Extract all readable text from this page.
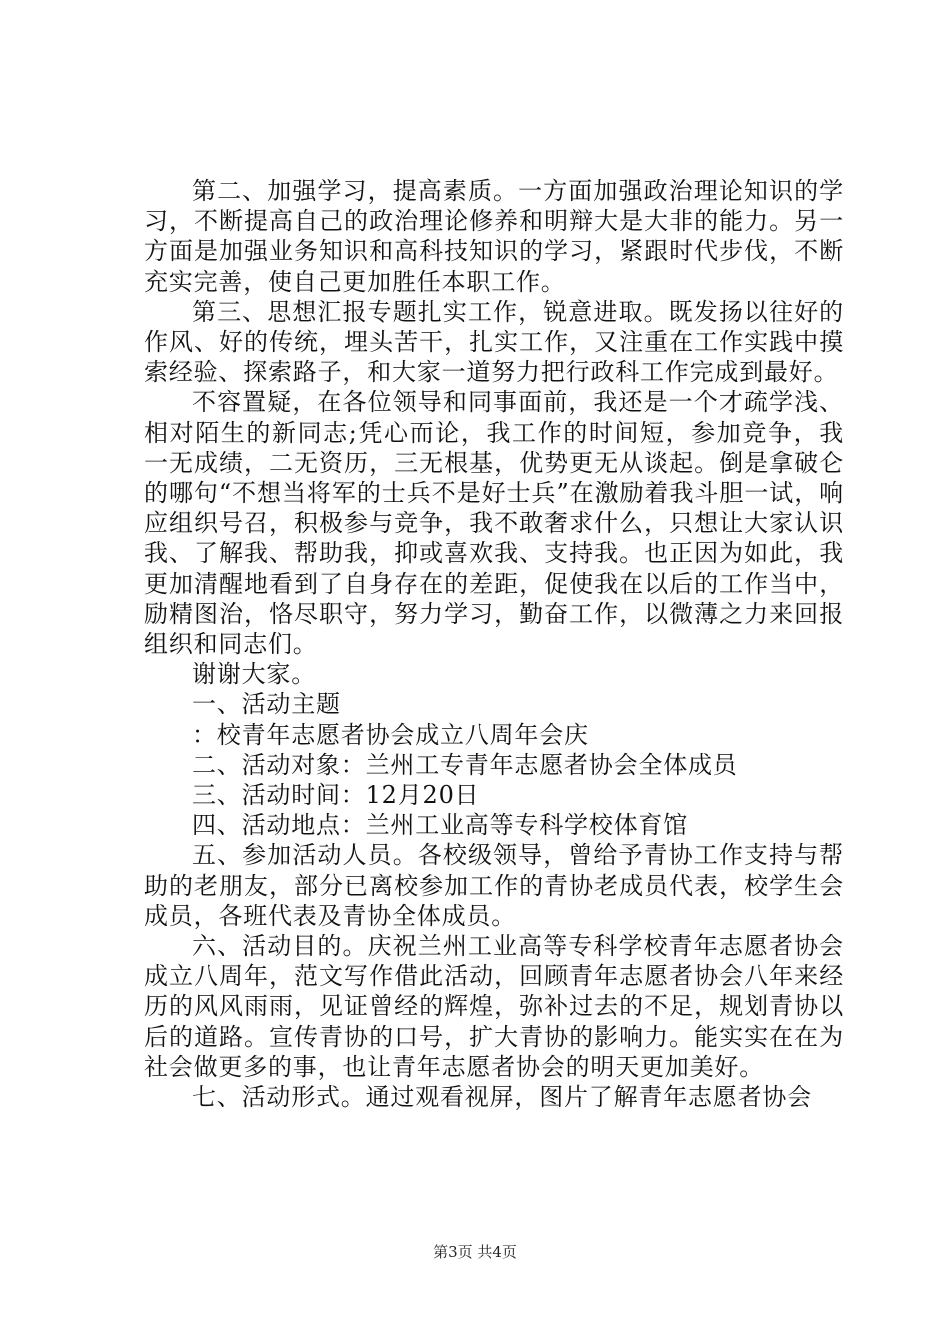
第二、加强学习，提高素质。一方面加强政治理论知识的学习，不断提高自己的政治理论修养和明辩大是大非的能力。另一方面是加强业务知识和高科技知识的学习，紧跟时代步伐，不断充实完善，使自己更加胜任本职工作。

第三、思想汇报专题扎实工作，锐意进取。既发扬以往好的作风、好的传统，埋头苦干，扎实工作，又注重在工作实践中摸索经验、探索路子，和大家一道努力把行政科工作完成到最好。

不容置疑，在各位领导和同事面前，我还是一个才疏学浅、相对陌生的新同志;凭心而论，我工作的时间短，参加竞争，我一无成绩，二无资历，三无根基，优势更无从谈起。倒是拿破仑的哪句“不想当将军的士兵不是好士兵”在激励着我斗胆一试，响应组织号召，积极参与竞争，我不敢奢求什么，只想让大家认识我、了解我、帮助我，抑或喜欢我、支持我。也正因为如此，我更加清醒地看到了自身存在的差距，促使我在以后的工作当中，励精图治，恪尽职守，努力学习，勤奋工作，以微薄之力来回报组织和同志们。

谢谢大家。

一、活动主题

：校青年志愿者协会成立八周年会庆

二、活动对象：兰州工专青年志愿者协会全体成员

三、活动时间：12月20日

四、活动地点：兰州工业高等专科学校体育馆

五、参加活动人员。各校级领导，曾给予青协工作支持与帮助的老朋友，部分已离校参加工作的青协老成员代表，校学生会成员，各班代表及青协全体成员。

六、活动目的。庆祝兰州工业高等专科学校青年志愿者协会成立八周年，范文写作借此活动，回顾青年志愿者协会八年来经历的风风雨雨，见证曾经的辉煌，弥补过去的不足，规划青协以后的道路。宣传青协的口号，扩大青协的影响力。能实实在在为社会做更多的事，也让青年志愿者协会的明天更加美好。

七、活动形式。通过观看视屏，图片了解青年志愿者协会

第3页 共4页
